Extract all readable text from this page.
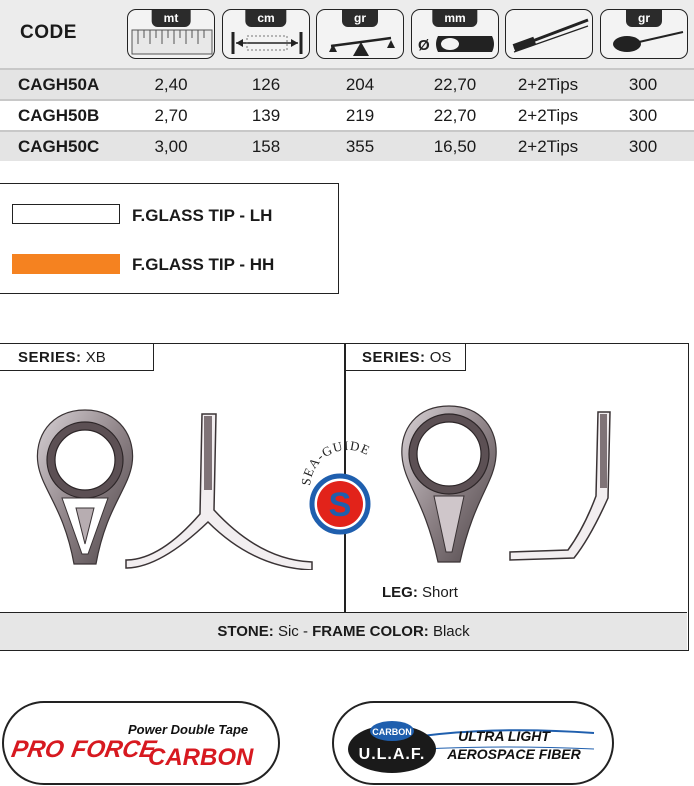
CODE
mt	cm	gr
Ø
mm	gr
CAGH50A	2,40	126	204	22,70	2+2Tips	300
CAGH50B	2,70	139	219	22,70	2+2Tips	300
CAGH50C	3,00	158	355	16,50	2+2Tips	300
F.GLASS TIP - LH
F.GLASS TIP - HH
SERIES: XB	SERIES: OS
SEA-GUIDE
S
LEG: Short
STONE: Sic - FRAME COLOR: Black
Power Double Tape
PRO FORCE
CARBON
CARBON
U.L.A.F.
ULTRA LIGHT
AEROSPACE FIBER
